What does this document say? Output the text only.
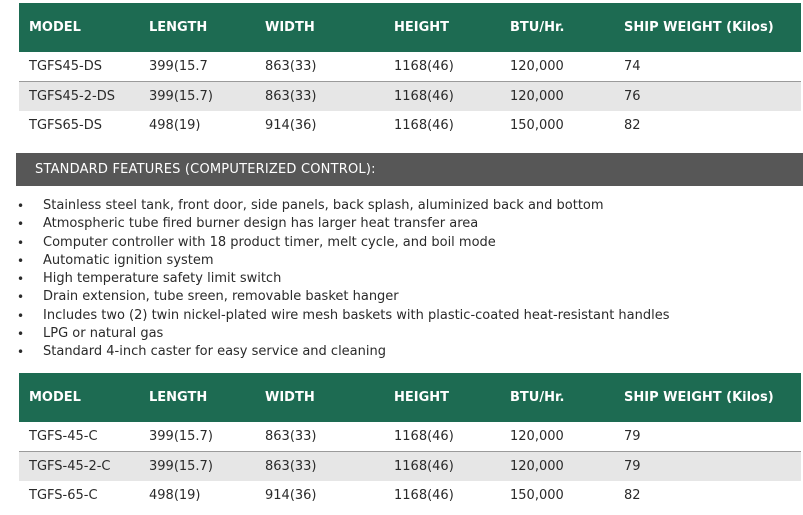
MODEL	LENGTH	WIDTH	HEIGHT	BTU/Hr.	SHIP WEIGHT (Kilos)
TGFS45-DS	399(15.7	863(33)	1168(46)	120,000	74
TGFS45-2-DS	399(15.7)	863(33)	1168(46)	120,000	76
TGFS65-DS	498(19)	914(36)	1168(46)	150,000	82
STANDARD FEATURES (COMPUTERIZED CONTROL):
• Stainless steel tank, front door, side panels, back splash, aluminized back and bottom
• Atmospheric tube fired burner design has larger heat transfer area
• Computer controller with 18 product timer, melt cycle, and boil mode
• Automatic ignition system
• High temperature safety limit switch
• Drain extension, tube sreen, removable basket hanger
• Includes two (2) twin nickel-plated wire mesh baskets with plastic-coated heat-resistant handles
• LPG or natural gas
• Standard 4-inch caster for easy service and cleaning
MODEL	LENGTH	WIDTH	HEIGHT	BTU/Hr.	SHIP WEIGHT (Kilos)
TGFS-45-C	399(15.7)	863(33)	1168(46)	120,000	79
TGFS-45-2-C	399(15.7)	863(33)	1168(46)	120,000	79
TGFS-65-C	498(19)	914(36)	1168(46)	150,000	82
